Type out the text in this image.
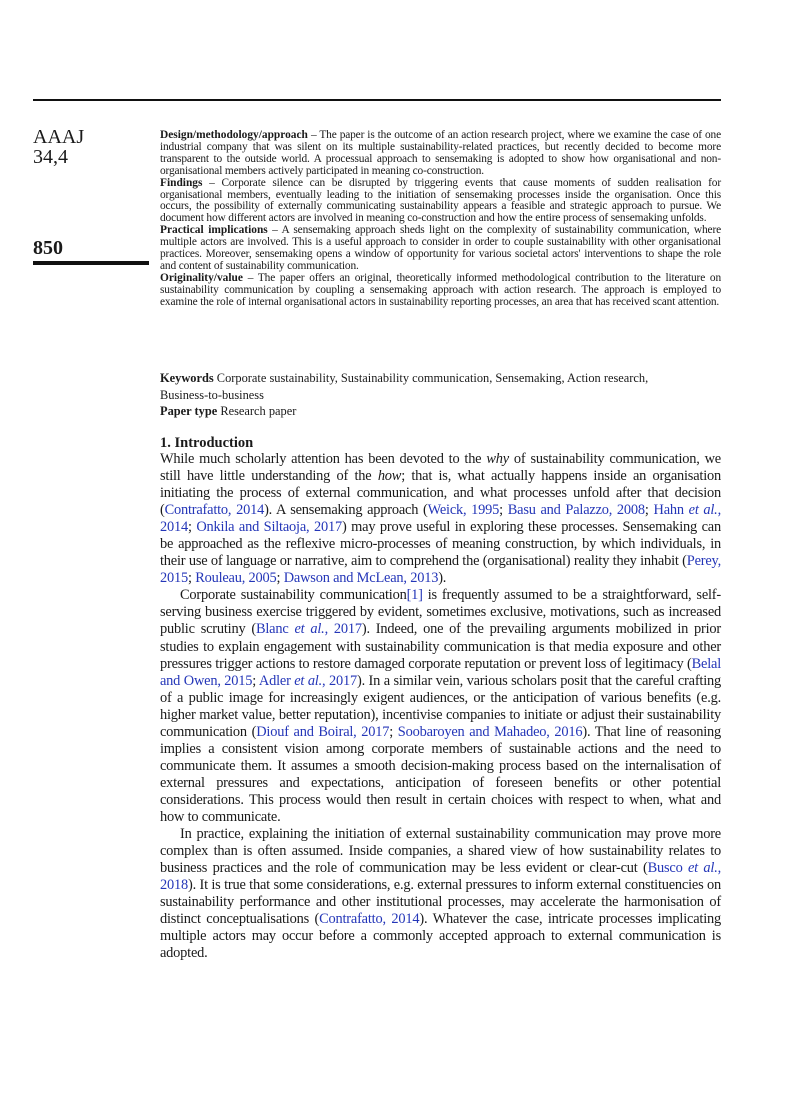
AAAJ
34,4
850

Design/methodology/approach – The paper is the outcome of an action research project, where we examine the case of one industrial company that was silent on its multiple sustainability-related practices, but recently decided to become more transparent to the outside world. A processual approach to sensemaking is adopted to show how organisational and non-organisational members actively participated in meaning co-construction.

Findings – Corporate silence can be disrupted by triggering events that cause moments of sudden realisation for organisational members, eventually leading to the initiation of sensemaking processes inside the organisation. Once this occurs, the possibility of externally communicating sustainability appears a feasible and strategic approach to pursue. We document how different actors are involved in meaning co-construction and how the entire process of sensemaking unfolds.

Practical implications – A sensemaking approach sheds light on the complexity of sustainability communication, where multiple actors are involved. This is a useful approach to consider in order to couple sustainability with other organisational practices. Moreover, sensemaking opens a window of opportunity for various societal actors' interventions to shape the role and content of sustainability communication.

Originality/value – The paper offers an original, theoretically informed methodological contribution to the literature on sustainability communication by coupling a sensemaking approach with action research. The approach is employed to examine the role of internal organisational actors in sustainability reporting processes, an area that has received scant attention.

Keywords Corporate sustainability, Sustainability communication, Sensemaking, Action research,

Business-to-business

Paper type Research paper
1. Introduction

While much scholarly attention has been devoted to the why of sustainability communication, we still have little understanding of the how; that is, what actually happens inside an organisation initiating the process of external communication, and what processes unfold after that decision (Contrafatto, 2014). A sensemaking approach (Weick, 1995; Basu and Palazzo, 2008; Hahn et al., 2014; Onkila and Siltaoja, 2017) may prove useful in exploring these processes. Sensemaking can be approached as the reflexive micro-processes of meaning construction, by which individuals, in their use of language or narrative, aim to comprehend the (organisational) reality they inhabit (Perey, 2015; Rouleau, 2005; Dawson and McLean, 2013).

Corporate sustainability communication[1] is frequently assumed to be a straightforward, self-serving business exercise triggered by evident, sometimes exclusive, motivations, such as increased public scrutiny (Blanc et al., 2017). Indeed, one of the prevailing arguments mobilized in prior studies to explain engagement with sustainability communication is that media exposure and other pressures trigger actions to restore damaged corporate reputation or prevent loss of legitimacy (Belal and Owen, 2015; Adler et al., 2017). In a similar vein, various scholars posit that the careful crafting of a public image for increasingly exigent audiences, or the anticipation of various benefits (e.g. higher market value, better reputation), incentivise companies to initiate or adjust their sustainability communication (Diouf and Boiral, 2017; Soobaroyen and Mahadeo, 2016). That line of reasoning implies a consistent vision among corporate members of sustainable actions and the need to communicate them. It assumes a smooth decision-making process based on the internalisation of external pressures and expectations, anticipation of foreseen benefits or other potential considerations. This process would then result in certain choices with respect to when, what and how to communicate.

In practice, explaining the initiation of external sustainability communication may prove more complex than is often assumed. Inside companies, a shared view of how sustainability relates to business practices and the role of communication may be less evident or clear-cut (Busco et al., 2018). It is true that some considerations, e.g. external pressures to inform external constituencies on sustainability performance and other institutional processes, may accelerate the harmonisation of distinct conceptualisations (Contrafatto, 2014). Whatever the case, intricate processes implicating multiple actors may occur before a commonly accepted approach to external communication is adopted.
